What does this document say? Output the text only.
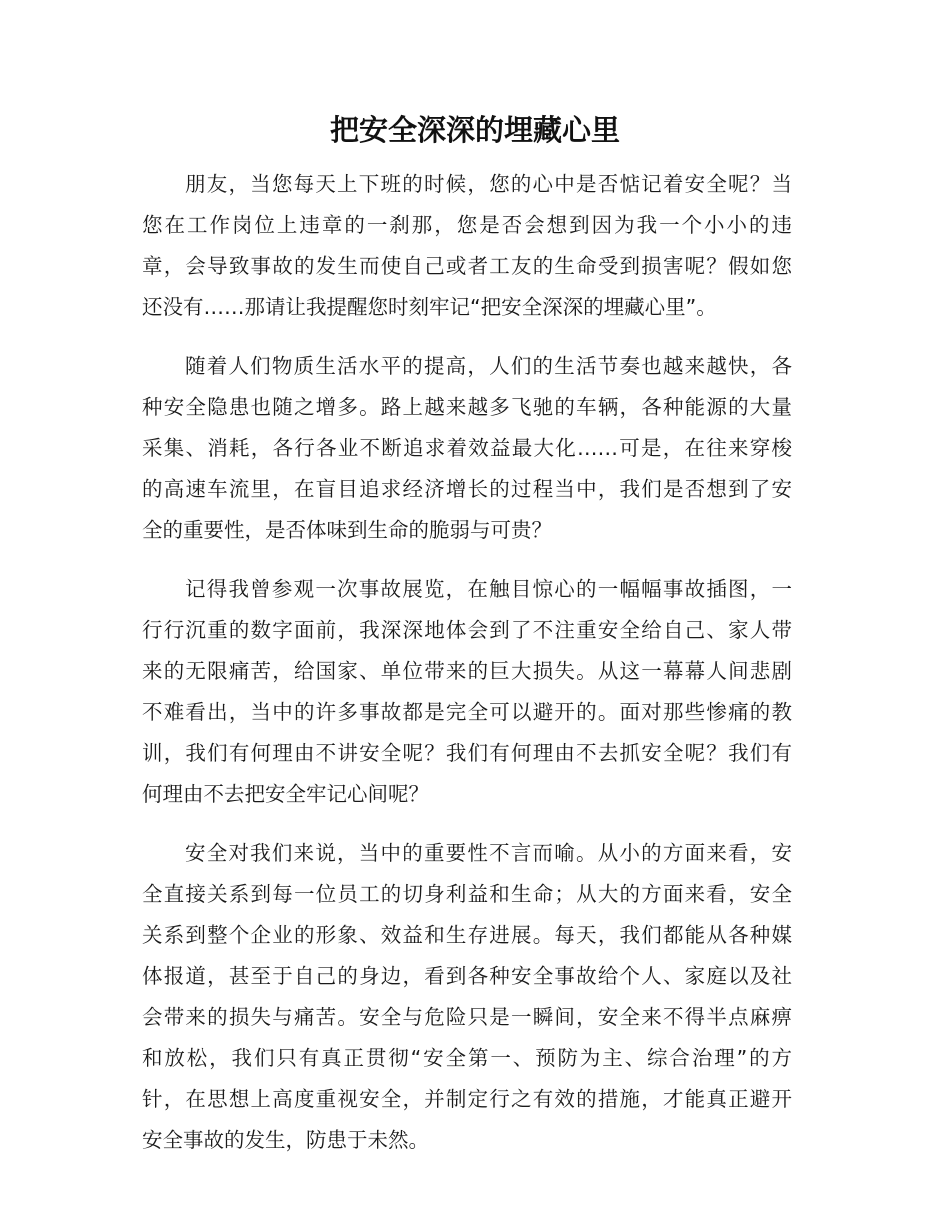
把安全深深的埋藏心里

朋友，当您每天上下班的时候，您的心中是否惦记着安全呢？当
您在工作岗位上违章的一刹那，您是否会想到因为我一个小小的违
章，会导致事故的发生而使自己或者工友的生命受到损害呢？假如您
还没有……那请让我提醒您时刻牢记“把安全深深的埋藏心里”。

随着人们物质生活水平的提高，人们的生活节奏也越来越快，各
种安全隐患也随之增多。路上越来越多飞驰的车辆，各种能源的大量
采集、消耗，各行各业不断追求着效益最大化……可是，在往来穿梭
的高速车流里，在盲目追求经济增长的过程当中，我们是否想到了安
全的重要性，是否体味到生命的脆弱与可贵？

记得我曾参观一次事故展览，在触目惊心的一幅幅事故插图，一
行行沉重的数字面前，我深深地体会到了不注重安全给自己、家人带
来的无限痛苦，给国家、单位带来的巨大损失。从这一幕幕人间悲剧
不难看出，当中的许多事故都是完全可以避开的。面对那些惨痛的教
训，我们有何理由不讲安全呢？我们有何理由不去抓安全呢？我们有
何理由不去把安全牢记心间呢？

安全对我们来说，当中的重要性不言而喻。从小的方面来看，安
全直接关系到每一位员工的切身利益和生命；从大的方面来看，安全
关系到整个企业的形象、效益和生存进展。每天，我们都能从各种媒
体报道，甚至于自己的身边，看到各种安全事故给个人、家庭以及社
会带来的损失与痛苦。安全与危险只是一瞬间，安全来不得半点麻痹
和放松，我们只有真正贯彻“安全第一、预防为主、综合治理”的方
针，在思想上高度重视安全，并制定行之有效的措施，才能真正避开
安全事故的发生，防患于未然。
